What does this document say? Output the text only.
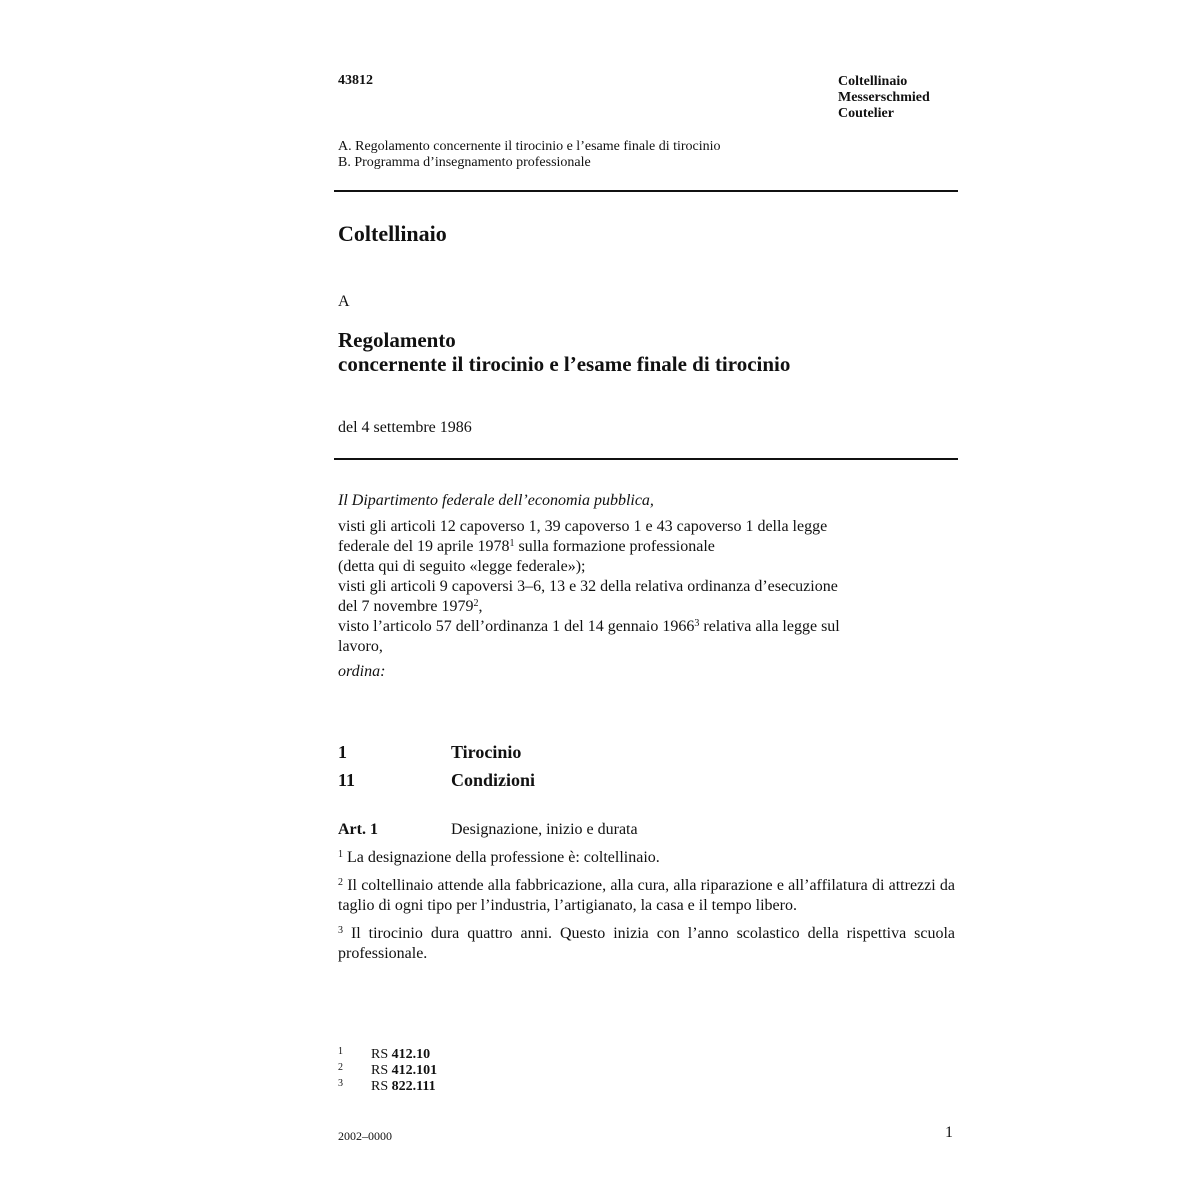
43812	Coltellinaio
Messerschmied
Coutelier
A. Regolamento concernente il tirocinio e l’esame finale di tirocinio
B. Programma d’insegnamento professionale
Coltellinaio
A
Regolamento
concernente il tirocinio e l’esame finale di tirocinio
del 4 settembre 1986

Il Dipartimento federale dell’economia pubblica,

visti gli articoli 12 capoverso 1, 39 capoverso 1 e 43 capoverso 1 della legge

federale del 19 aprile 1978$^1$ sulla formazione professionale

(detta qui di seguito «legge federale»);

visti gli articoli 9 capoversi 3–6, 13 e 32 della relativa ordinanza d’esecuzione

del 7 novembre 1979$^2$,

visto l’articolo 57 dell’ordinanza 1 del 14 gennaio 1966$^3$ relativa alla legge sul

lavoro,

ordina:

1	Tirocinio
11	Condizioni
Art. 1	Designazione, inizio e durata

$^1$ La designazione della professione è: coltellinaio.

$^2$ Il coltellinaio attende alla fabbricazione, alla cura, alla riparazione e all’affilatura di attrezzi da taglio di ogni tipo per l’industria, l’artigianato, la casa e il tempo libero.

$^3$ Il tirocinio dura quattro anni. Questo inizia con l’anno scolastico della rispettiva scuola professionale.

1 RS 412.10
2 RS 412.101
3 RS 822.111
2002–0000	1
